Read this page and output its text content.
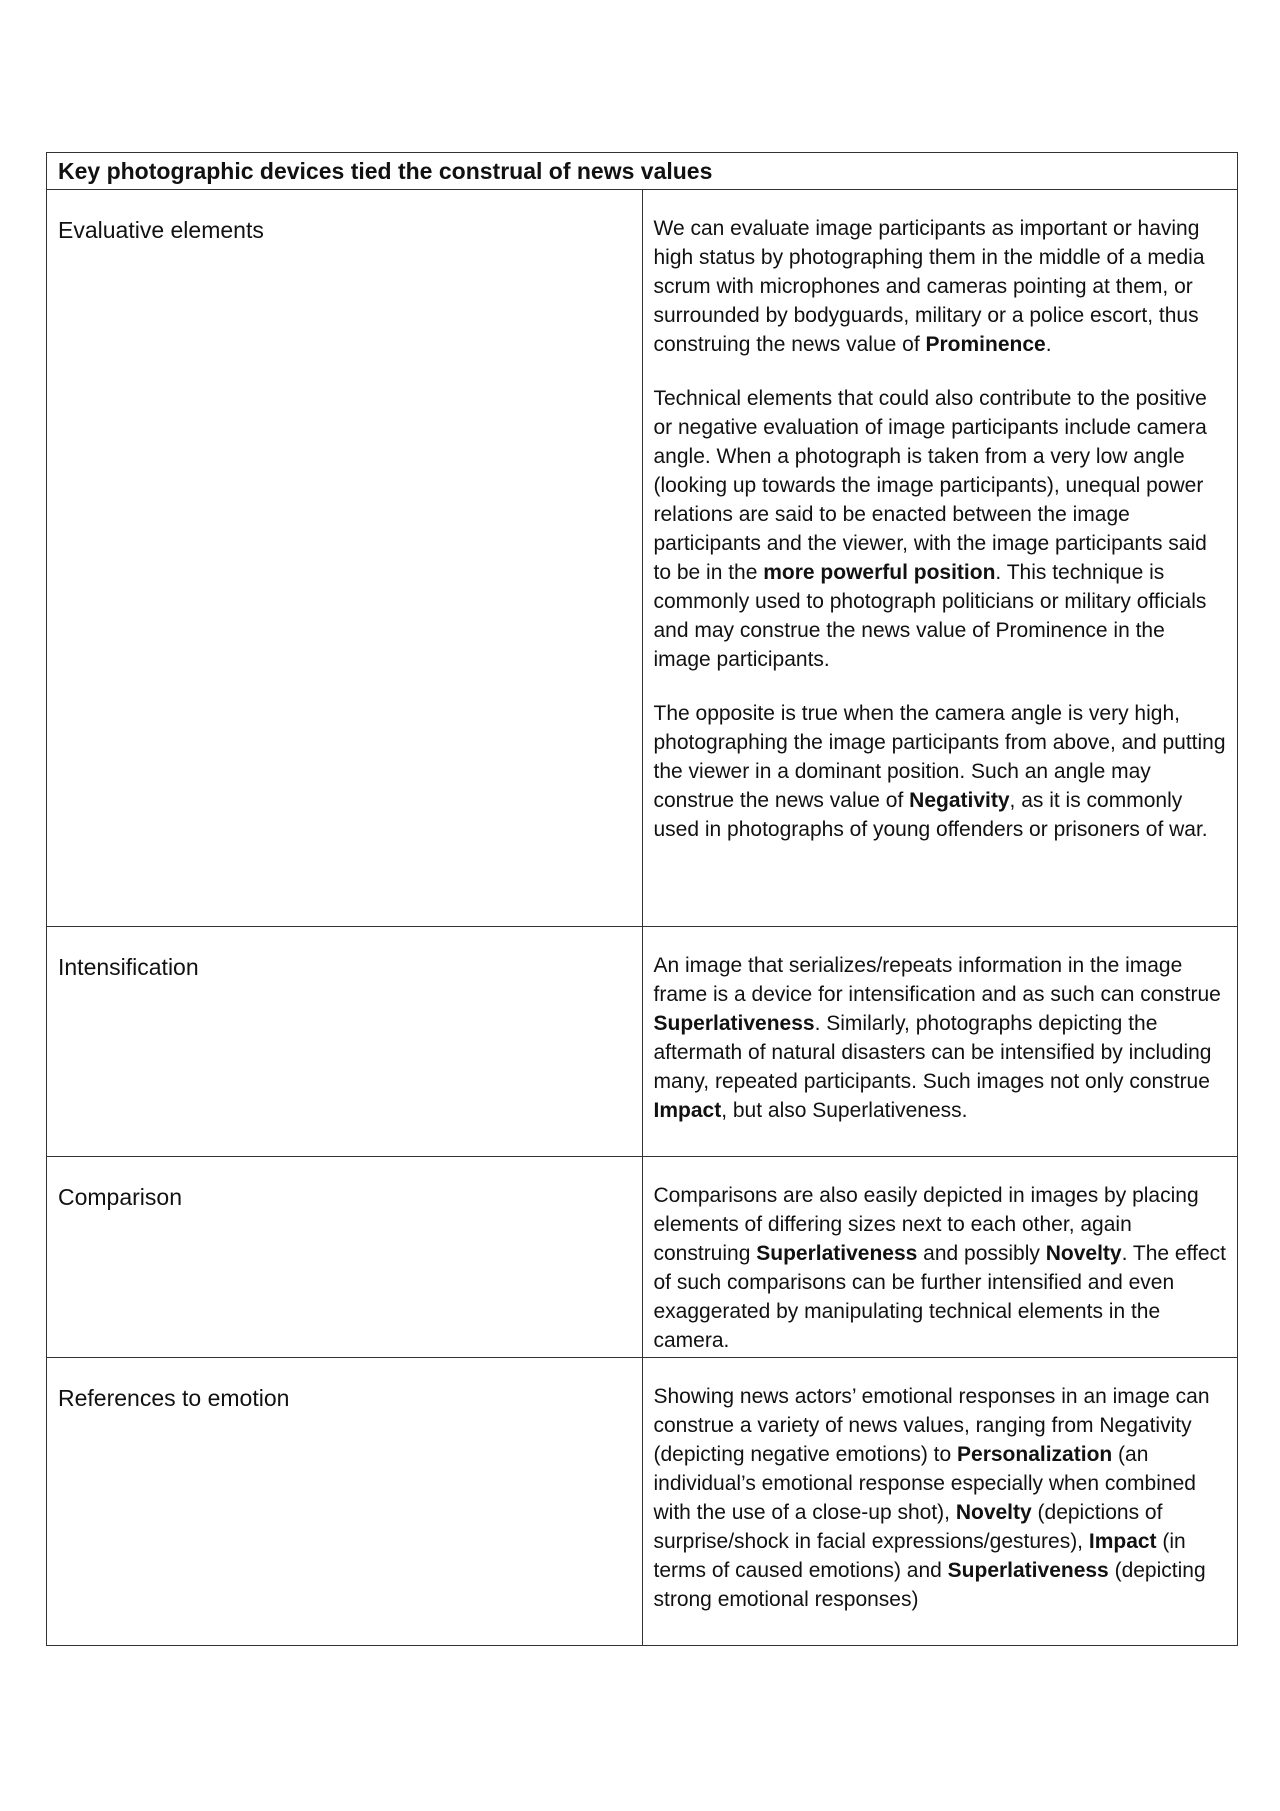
Key photographic devices tied the construal of news values	
Evaluative elements	We can evaluate image participants as important or having high status by photographing them in the middle of a media scrum with microphones and cameras pointing at them, or surrounded by bodyguards, military or a police escort, thus construing the news value of Prominence.

Technical elements that could also contribute to the positive or negative evaluation of image participants include camera angle. When a photograph is taken from a very low angle (looking up towards the image participants), unequal power relations are said to be enacted between the image participants and the viewer, with the image participants said to be in the more powerful position. This technique is commonly used to photograph politicians or military officials and may construe the news value of Prominence in the image participants.

The opposite is true when the camera angle is very high, photographing the image participants from above, and putting the viewer in a dominant position. Such an angle may construe the news value of Negativity, as it is commonly used in photographs of young offenders or prisoners of war.

Intensification	An image that serializes/repeats information in the image frame is a device for intensification and as such can construe Superlativeness. Similarly, photographs depicting the aftermath of natural disasters can be intensified by including many, repeated participants. Such images not only construe Impact, but also Superlativeness.

Comparison	Comparisons are also easily depicted in images by placing elements of differing sizes next to each other, again construing Superlativeness and possibly Novelty. The effect of such comparisons can be further intensified and even exaggerated by manipulating technical elements in the camera.

References to emotion	Showing news actors’ emotional responses in an image can construe a variety of news values, ranging from Negativity (depicting negative emotions) to Personalization (an individual’s emotional response especially when combined with the use of a close-up shot), Novelty (depictions of surprise/shock in facial expressions/gestures), Impact (in terms of caused emotions) and Superlativeness (depicting strong emotional responses)
